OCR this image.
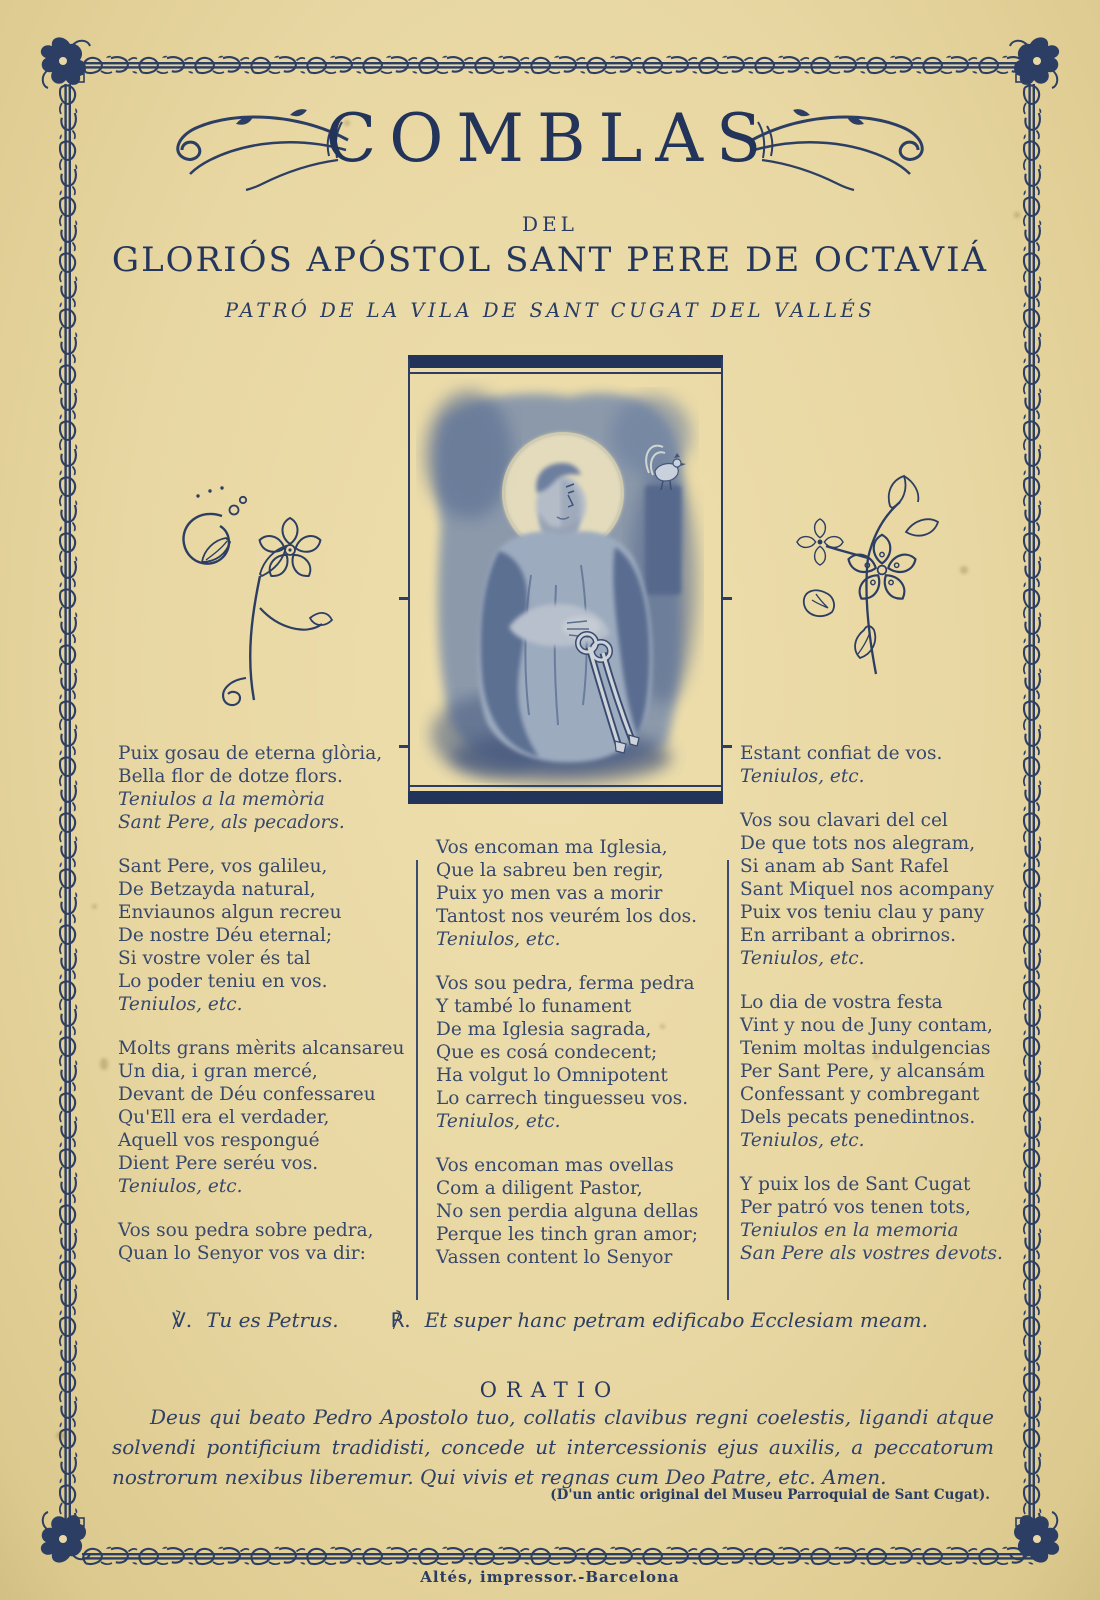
COMBLAS
DEL
GLORIÓS APÓSTOL SANT PERE DE OCTAVIÁ
PATRÓ DE LA VILA DE SANT CUGAT DEL VALLÉS
Puix gosau de eterna glòria,
Bella flor de dotze flors.
Teniulos a la memòria
Sant Pere, als pecadors.
Sant Pere, vos galileu,
De Betzayda natural,
Enviaunos algun recreu
De nostre Déu eternal;
Si vostre voler és tal
Lo poder teniu en vos.
Teniulos, etc.
Molts grans mèrits alcansareu
Un dia, i gran mercé,
Devant de Déu confessareu
Qu'Ell era el verdader,
Aquell vos respongué
Dient Pere seréu vos.
Teniulos, etc.
Vos sou pedra sobre pedra,
Quan lo Senyor vos va dir:
Vos encoman ma Iglesia,
Que la sabreu ben regir,
Puix yo men vas a morir
Tantost nos veurém los dos.
Teniulos, etc.
Vos sou pedra, ferma pedra
Y també lo funament
De ma Iglesia sagrada,
Que es cosá condecent;
Ha volgut lo Omnipotent
Lo carrech tinguesseu vos.
Teniulos, etc.
Vos encoman mas ovellas
Com a diligent Pastor,
No sen perdia alguna dellas
Perque les tinch gran amor;
Vassen content lo Senyor
Estant confiat de vos.
Teniulos, etc.
Vos sou clavari del cel
De que tots nos alegram,
Si anam ab Sant Rafel
Sant Miquel nos acompany
Puix vos teniu clau y pany
En arribant a obrirnos.
Teniulos, etc.
Lo dia de vostra festa
Vint y nou de Juny contam,
Tenim moltas indulgencias
Per Sant Pere, y alcansám
Confessant y combregant
Dels pecats penedintnos.
Teniulos, etc.
Y puix los de Sant Cugat
Per patró vos tenen tots,
Teniulos en la memoria
San Pere als vostres devots.
℣. Tu es Petrus.	℟. Et super hanc petram edificabo Ecclesiam meam.
ORATIO

Deus qui beato Pedro Apostolo tuo, collatis clavibus regni coelestis, ligandi atque solvendi pontificium tradidisti, concede ut intercessionis ejus auxilis, a peccatorum nostrorum nexibus liberemur. Qui vivis et regnas cum Deo Patre, etc. Amen.

(D'un antic original del Museu Parroquial de Sant Cugat).
Altés, impressor.-Barcelona
